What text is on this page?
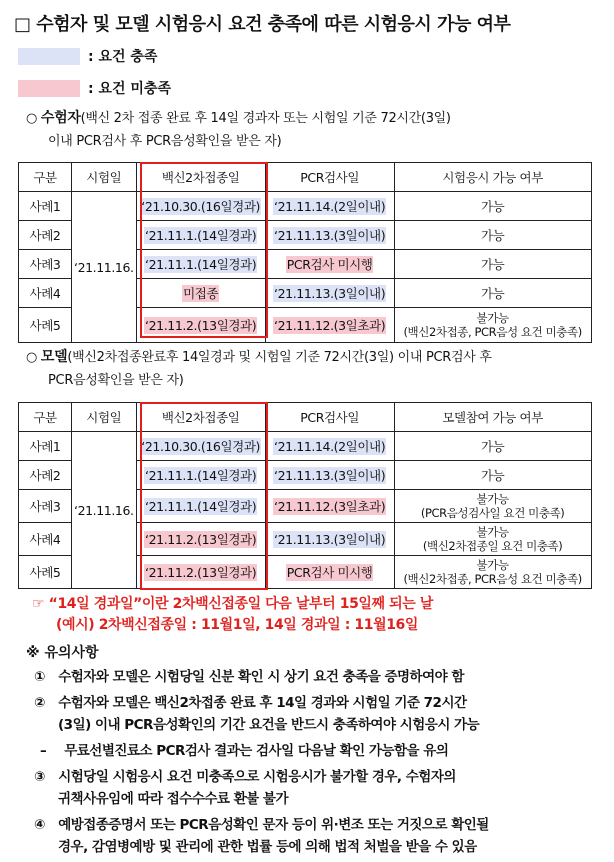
□ 수험자 및 모델 시험응시 요건 충족에 따른 시험응시 가능 여부
: 요건 충족
: 요건 미충족
○ 수험자(백신 2차 접종 완료 후 14일 경과자 또는 시험일 기준 72시간(3일)
이내 PCR검사 후 PCR음성확인을 받은 자)
구분	시험일	백신2차접종일	PCR검사일	시험응시 가능 여부
사례1	‘21.11.16.	‘21.10.30.(16일경과)	‘21.11.14.(2일이내)	가능
사례2		‘21.11.1.(14일경과)	‘21.11.13.(3일이내)	가능
사례3		‘21.11.1.(14일경과)	PCR검사 미시행	가능
사례4		미접종	‘21.11.13.(3일이내)	가능
사례5		‘21.11.2.(13일경과)	‘21.11.12.(3일초과)	불가능
(백신2차접종, PCR음성 요건 미충족)
○ 모델(백신2차접종완료후 14일경과 및 시험일 기준 72시간(3일) 이내 PCR검사 후
PCR음성확인을 받은 자)
구분	시험일	백신2차접종일	PCR검사일	모델참여 가능 여부
사례1	‘21.11.16.	‘21.10.30.(16일경과)	‘21.11.14.(2일이내)	가능
사례2		‘21.11.1.(14일경과)	‘21.11.13.(3일이내)	가능
사례3		‘21.11.1.(14일경과)	‘21.11.12.(3일초과)	불가능
(PCR음성검사일 요건 미충족)
사례4		‘21.11.2.(13일경과)	‘21.11.13.(3일이내)	불가능
(백신2차접종일 요건 미충족)
사례5		‘21.11.2.(13일경과)	PCR검사 미시행	불가능
(백신2차접종, PCR음성 요건 미충족)
☞ “14일 경과일”이란 2차백신접종일 다음 날부터 15일째 되는 날
(예시) 2차백신접종일 : 11월1일, 14일 경과일 : 11월16일
※ 유의사항
① 수험자와 모델은 시험당일 신분 확인 시 상기 요건 충족을 증명하여야 함
② 수험자와 모델은 백신2차접종 완료 후 14일 경과와 시험일 기준 72시간
(3일) 이내 PCR음성확인의 기간 요건을 반드시 충족하여야 시험응시 가능
– 무료선별진료소 PCR검사 결과는 검사일 다음날 확인 가능함을 유의
③ 시험당일 시험응시 요건 미충족으로 시험응시가 불가할 경우, 수험자의
귀책사유임에 따라 접수수수료 환불 불가
④ 예방접종증명서 또는 PCR음성확인 문자 등이 위·변조 또는 거짓으로 확인될
경우, 감염병예방 및 관리에 관한 법률 등에 의해 법적 처벌을 받을 수 있음
